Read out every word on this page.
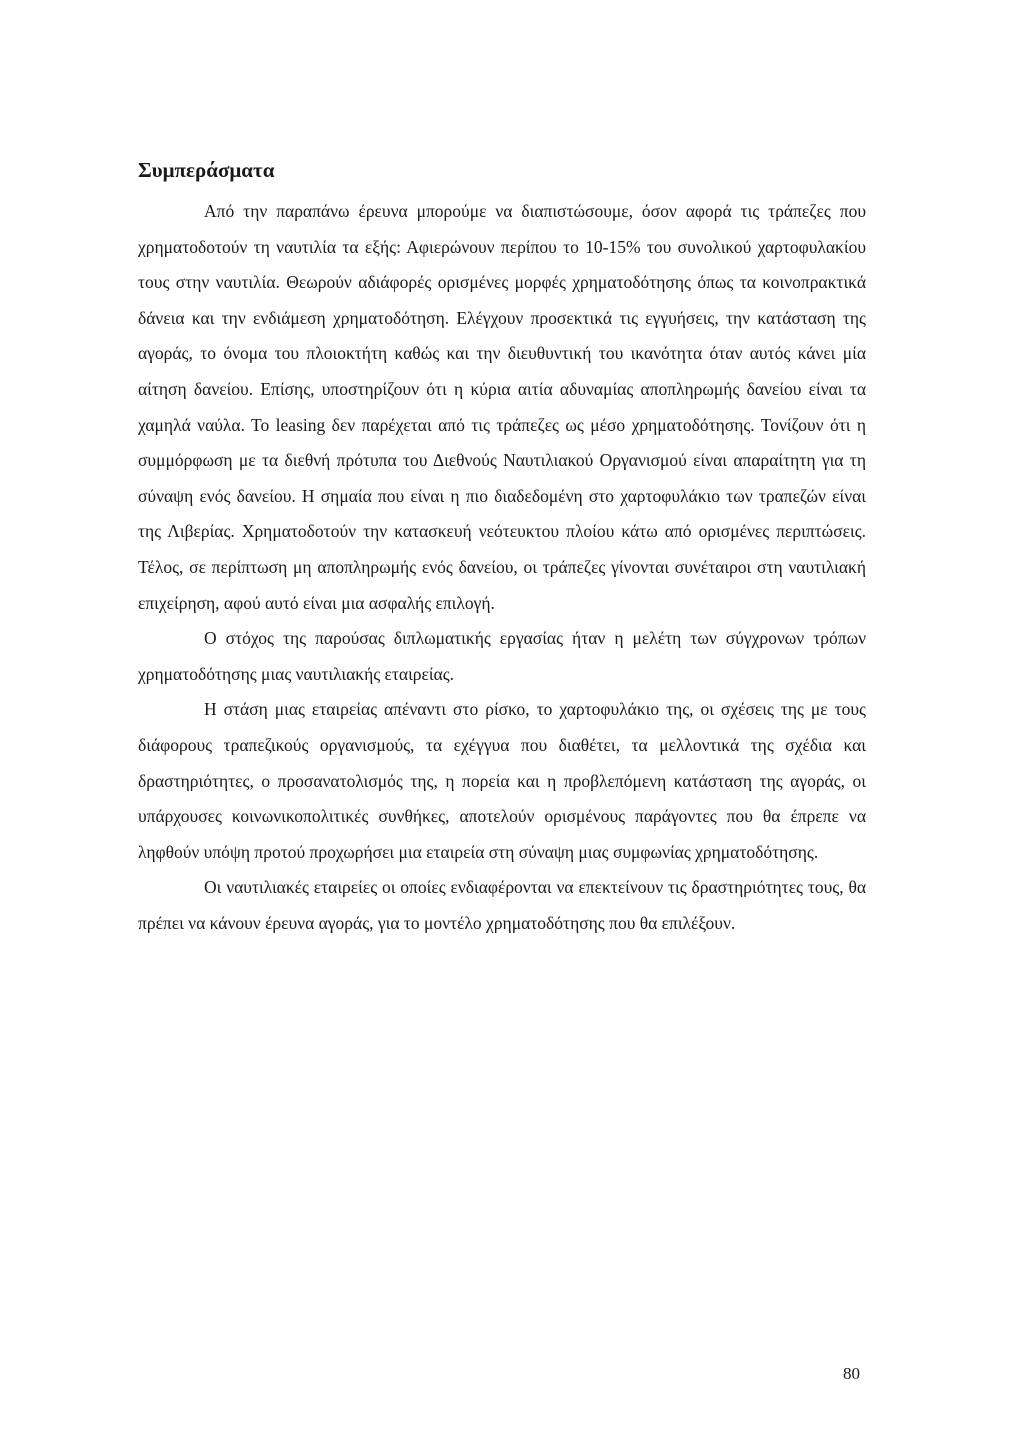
Συμπεράσματα

Από την παραπάνω έρευνα μπορούμε να διαπιστώσουμε, όσον αφορά τις τράπεζες που χρηματοδοτούν τη ναυτιλία τα εξής: Αφιερώνουν περίπου το 10-15% του συνολικού χαρτοφυλακίου τους στην ναυτιλία. Θεωρούν αδιάφορές ορισμένες μορφές χρηματοδότησης όπως τα κοινοπρακτικά δάνεια και την ενδιάμεση χρηματοδότηση. Ελέγχουν προσεκτικά τις εγγυήσεις, την κατάσταση της αγοράς, το όνομα του πλοιοκτήτη καθώς και την διευθυντική του ικανότητα όταν αυτός κάνει μία αίτηση δανείου. Επίσης, υποστηρίζουν ότι η κύρια αιτία αδυναμίας αποπληρωμής δανείου είναι τα χαμηλά ναύλα. Το leasing δεν παρέχεται από τις τράπεζες ως μέσο χρηματοδότησης. Τονίζουν ότι η συμμόρφωση με τα διεθνή πρότυπα του Διεθνούς Ναυτιλιακού Οργανισμού είναι απαραίτητη για τη σύναψη ενός δανείου. Η σημαία που είναι η πιο διαδεδομένη στο χαρτοφυλάκιο των τραπεζών είναι της Λιβερίας. Χρηματοδοτούν την κατασκευή νεότευκτου πλοίου κάτω από ορισμένες περιπτώσεις. Τέλος, σε περίπτωση μη αποπληρωμής ενός δανείου, οι τράπεζες γίνονται συνέταιροι στη ναυτιλιακή επιχείρηση, αφού αυτό είναι μια ασφαλής επιλογή.

Ο στόχος της παρούσας διπλωματικής εργασίας ήταν η μελέτη των σύγχρονων τρόπων χρηματοδότησης μιας ναυτιλιακής εταιρείας.

Η στάση μιας εταιρείας απέναντι στο ρίσκο, το χαρτοφυλάκιο της, οι σχέσεις της με τους διάφορους τραπεζικούς οργανισμούς, τα εχέγγυα που διαθέτει, τα μελλοντικά της σχέδια και δραστηριότητες, ο προσανατολισμός της, η πορεία και η προβλεπόμενη κατάσταση της αγοράς, οι υπάρχουσες κοινωνικοπολιτικές συνθήκες, αποτελούν ορισμένους παράγοντες που θα έπρεπε να ληφθούν υπόψη προτού προχωρήσει μια εταιρεία στη σύναψη μιας συμφωνίας χρηματοδότησης.

Οι ναυτιλιακές εταιρείες οι οποίες ενδιαφέρονται να επεκτείνουν τις δραστηριότητες τους, θα πρέπει να κάνουν έρευνα αγοράς, για το μοντέλο χρηματοδότησης που θα επιλέξουν.

80
